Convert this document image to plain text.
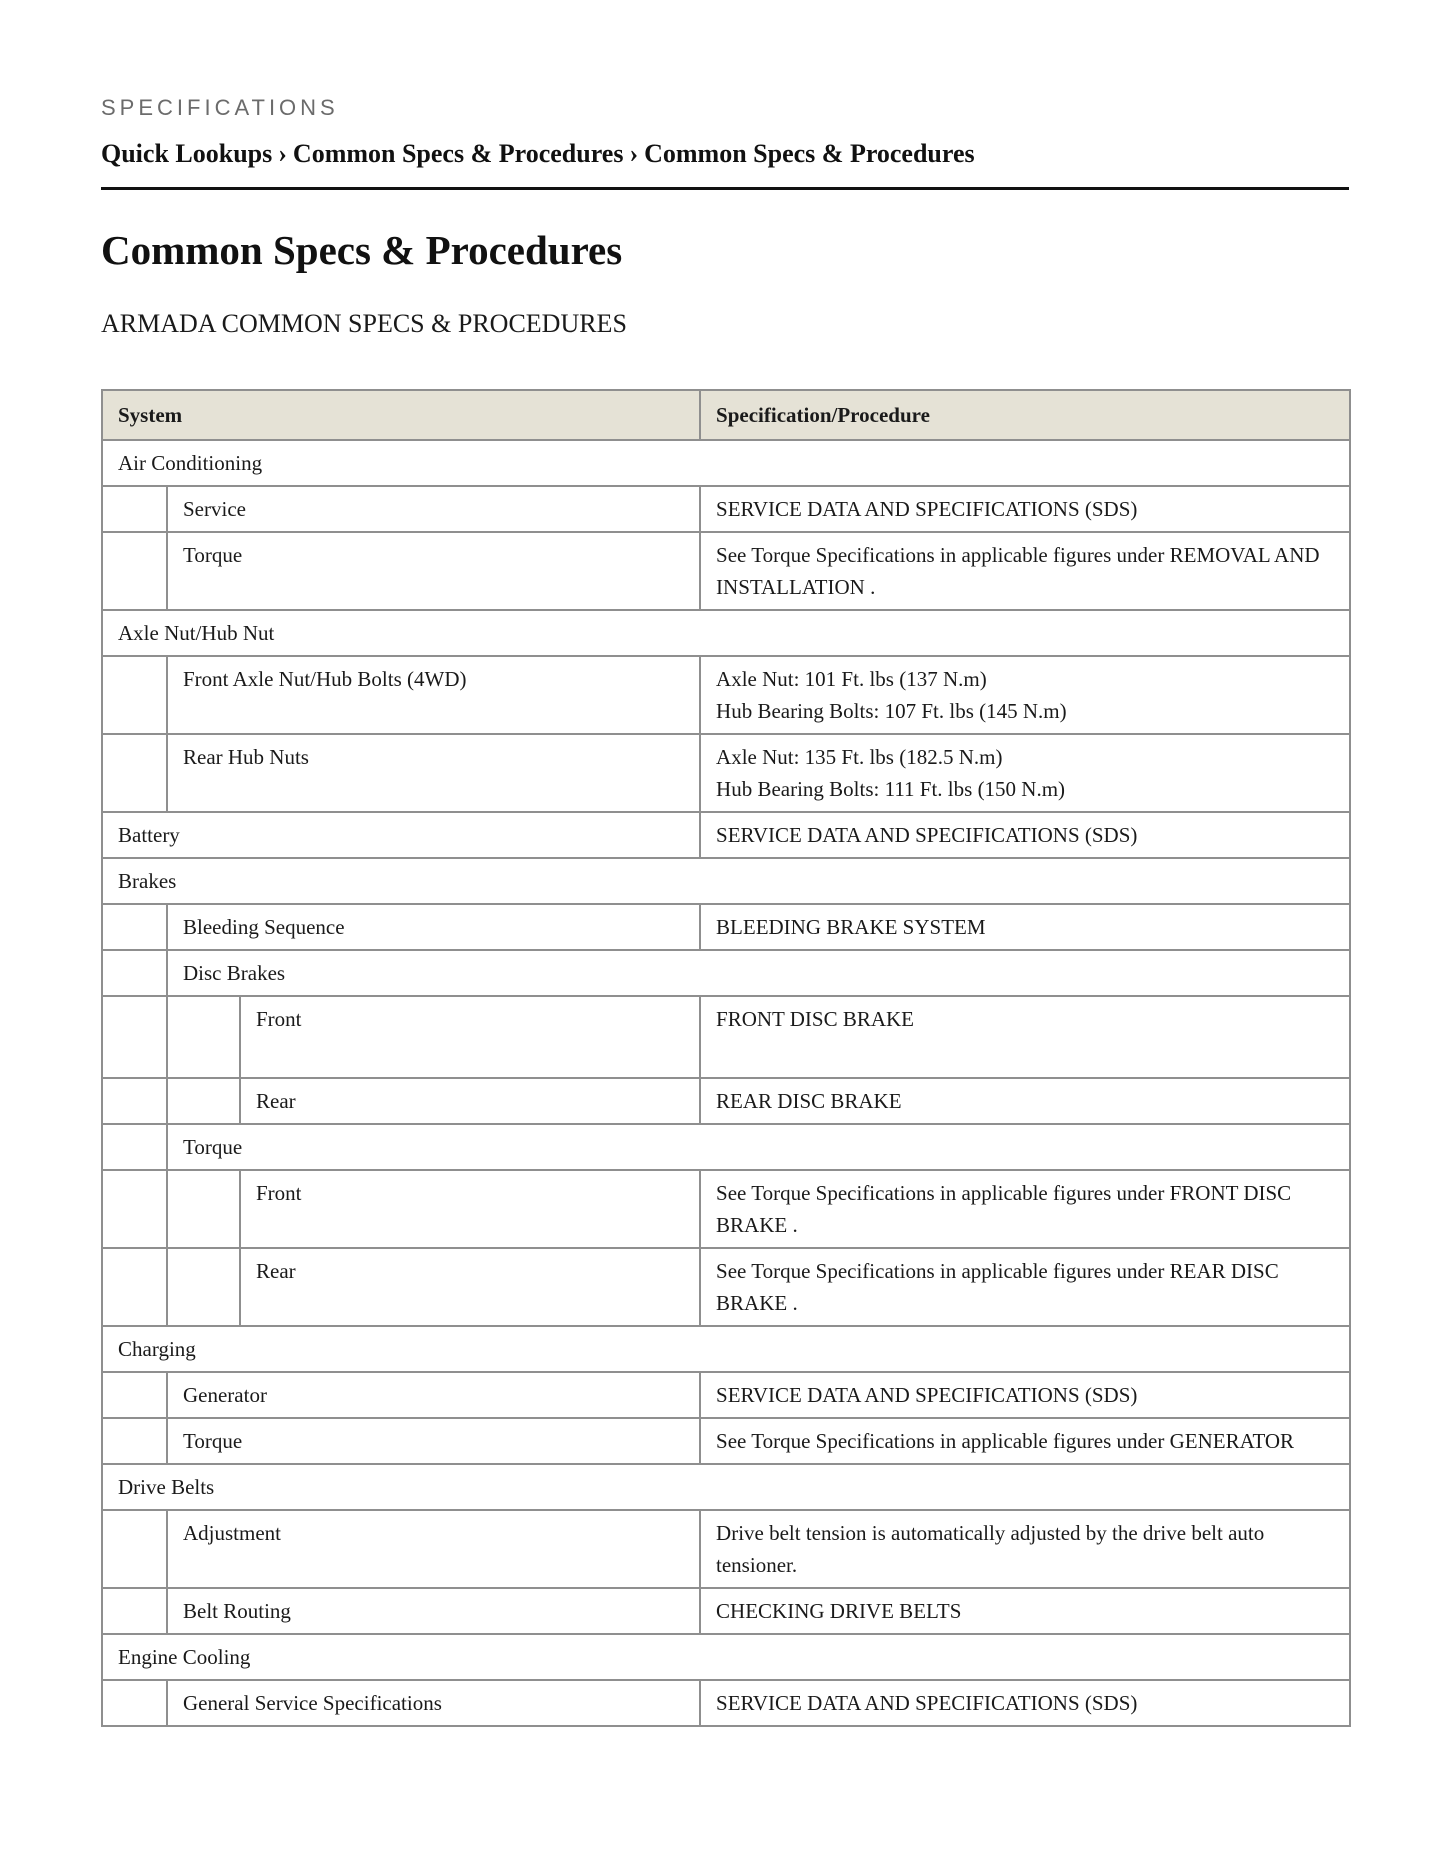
SPECIFICATIONS
Quick Lookups › Common Specs & Procedures › Common Specs & Procedures
Common Specs & Procedures
ARMADA COMMON SPECS & PROCEDURES
System			Specification/Procedure
Air Conditioning			
	Service		SERVICE DATA AND SPECIFICATIONS (SDS)

	Torque		See Torque Specifications in applicable figures under REMOVAL AND INSTALLATION .

Axle Nut/Hub Nut			
	Front Axle Nut/Hub Bolts (4WD)		Axle Nut: 101 Ft. lbs (137 N.m)
Hub Bearing Bolts: 107 Ft. lbs (145 N.m)

	Rear Hub Nuts		Axle Nut: 135 Ft. lbs (182.5 N.m)
Hub Bearing Bolts: 111 Ft. lbs (150 N.m)

Battery			SERVICE DATA AND SPECIFICATIONS (SDS)

Brakes			
	Bleeding Sequence		BLEEDING BRAKE SYSTEM

	Disc Brakes		
		Front	FRONT DISC BRAKE

		Rear	REAR DISC BRAKE

	Torque		
		Front	See Torque Specifications in applicable figures under FRONT DISC BRAKE .

		Rear	See Torque Specifications in applicable figures under REAR DISC BRAKE .

Charging			
	Generator		SERVICE DATA AND SPECIFICATIONS (SDS)

	Torque		See Torque Specifications in applicable figures under GENERATOR

Drive Belts			
	Adjustment		Drive belt tension is automatically adjusted by the drive belt auto tensioner.

	Belt Routing		CHECKING DRIVE BELTS

Engine Cooling			
	General Service Specifications		SERVICE DATA AND SPECIFICATIONS (SDS)
